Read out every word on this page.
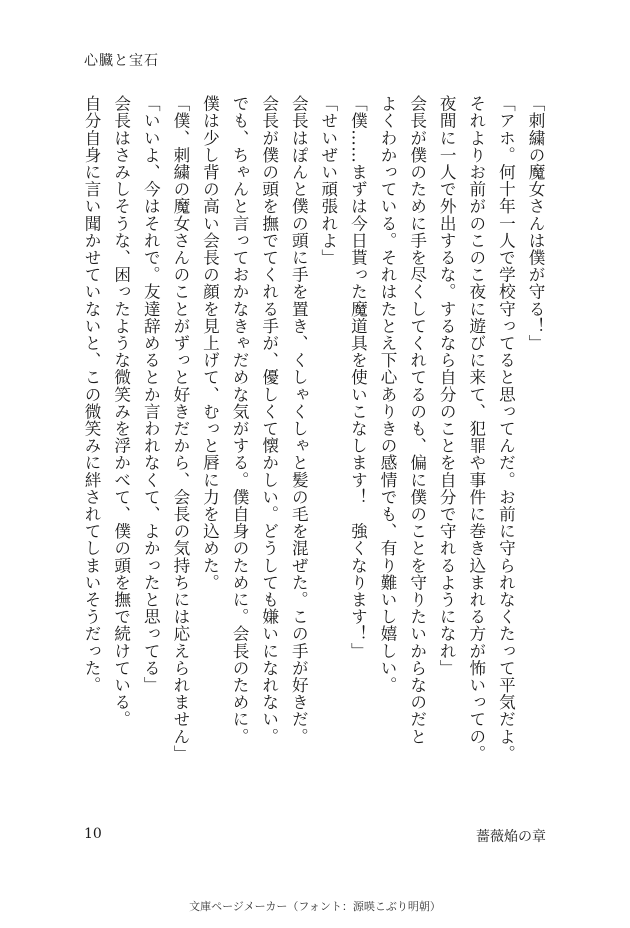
心臓と宝石

「刺繍の魔女さんは僕が守る！」

「アホ。何十年一人で学校守ってると思ってんだ。お前に守られなくたって平気だよ。

それよりお前がのこのこ夜に遊びに来て、犯罪や事件に巻き込まれる方が怖いっての。

夜間に一人で外出するな。するなら自分のことを自分で守れるようになれ」

会長が僕のために手を尽くしてくれてるのも、偏に僕のことを守りたいからなのだと

よくわかっている。それはたとえ下心ありきの感情でも、有り難いし嬉しい。

「僕……まずは今日貰った魔道具を使いこなします！　強くなります！」

「せいぜい頑張れよ」

会長はぽんと僕の頭に手を置き、くしゃくしゃと髪の毛を混ぜた。この手が好きだ。

会長が僕の頭を撫でてくれる手が、優しくて懐かしい。どうしても嫌いになれない。

でも、ちゃんと言っておかなきゃだめな気がする。僕自身のために。会長のために。

僕は少し背の高い会長の顔を見上げて、むっと唇に力を込めた。

「僕、刺繍の魔女さんのことがずっと好きだから、会長の気持ちには応えられません」

「いいよ、今はそれで。友達辞めるとか言われなくて、よかったと思ってる」

会長はさみしそうな、困ったような微笑みを浮かべて、僕の頭を撫で続けている。

自分自身に言い聞かせていないと、この微笑みに絆されてしまいそうだった。

10	薔薇焔の章
文庫ページメーカー（フォント：源暎こぶり明朝）
